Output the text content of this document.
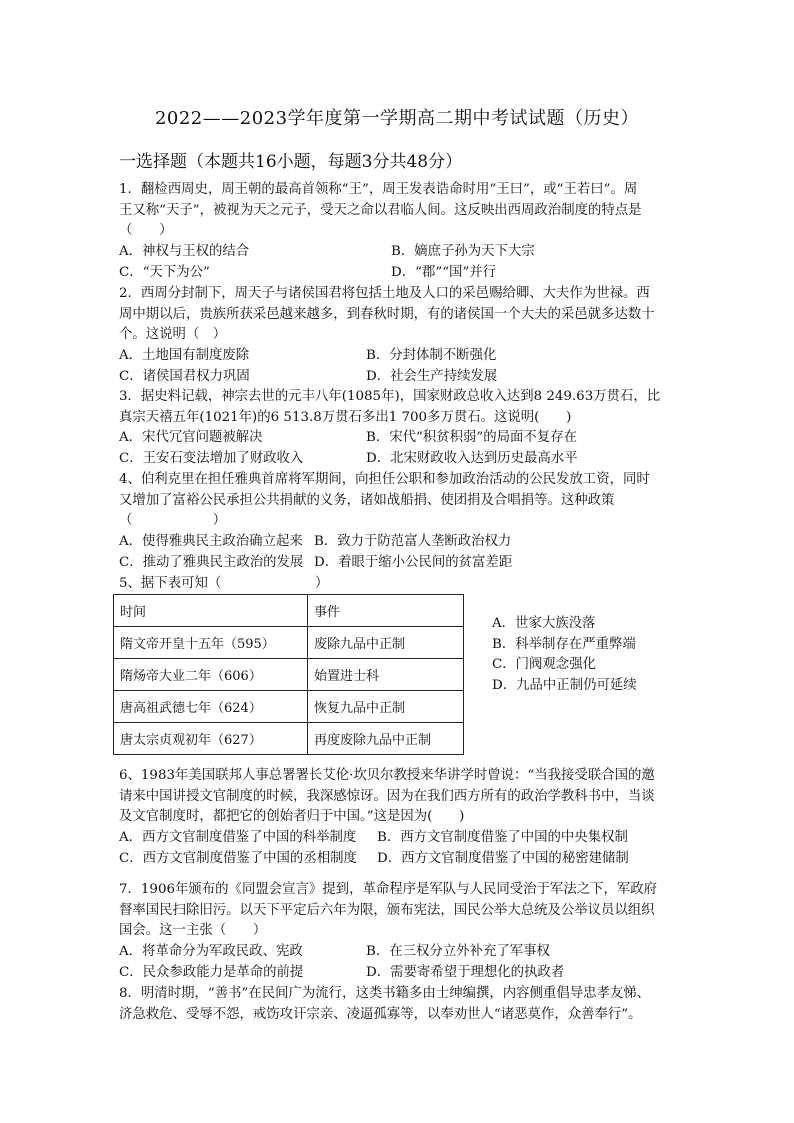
2022——2023学年度第一学期高二期中考试试题（历史）
一选择题（本题共16小题，每题3分共48分）
1．翻检西周史，周王朝的最高首领称“王”，周王发表诰命时用“王曰”，或“王若曰”。周
王又称“天子”，被视为天之元子，受天之命以君临人间。这反映出西周政治制度的特点是
（　　）
A．神权与王权的结合	B．嫡庶子孙为天下大宗
C．“天下为公”	D．“郡”“国”并行
2．西周分封制下，周天子与诸侯国君将包括土地及人口的采邑赐给卿、大夫作为世禄。西
周中期以后，贵族所获采邑越来越多，到春秋时期，有的诸侯国一个大夫的采邑就多达数十
个。这说明（　）
A．土地国有制度废除	B．分封体制不断强化
C．诸侯国君权力巩固	D．社会生产持续发展
3．据史料记载，神宗去世的元丰八年(1085年)，国家财政总收入达到8 249.63万贯石，比
真宗天禧五年(1021年)的6 513.8万贯石多出1 700多万贯石。这说明(　　)
A．宋代冗官问题被解决	B．宋代“积贫积弱”的局面不复存在
C．王安石变法增加了财政收入	D．北宋财政收入达到历史最高水平
4、伯利克里在担任雅典首席将军期间，向担任公职和参加政治活动的公民发放工资，同时
又增加了富裕公民承担公共捐献的义务，诸如战船捐、使团捐及合唱捐等。这种政策
（　　　　　　）
A．使得雅典民主政治确立起来 B．致力于防范富人垄断政治权力
C．推动了雅典民主政治的发展 D．着眼于缩小公民间的贫富差距
5、据下表可知（　　　　　　　）
时间	事件
隋文帝开皇十五年（595）	废除九品中正制
隋炀帝大业二年（606）	始置进士科
唐高祖武德七年（624）	恢复九品中正制
唐太宗贞观初年（627）	再度废除九品中正制
A．世家大族没落
B．科举制存在严重弊端
C．门阀观念强化
D．九品中正制仍可延续
6、1983年美国联邦人事总署署长艾伦·坎贝尔教授来华讲学时曾说：“当我接受联合国的邀
请来中国讲授文官制度的时候，我深感惊讶。因为在我们西方所有的政治学教科书中，当谈
及文官制度时，都把它的创始者归于中国。”这是因为(　　)
A．西方文官制度借鉴了中国的科举制度	B．西方文官制度借鉴了中国的中央集权制
C．西方文官制度借鉴了中国的丞相制度	D．西方文官制度借鉴了中国的秘密建储制
7．1906年颁布的《同盟会宣言》提到，革命程序是军队与人民同受治于军法之下，军政府
督率国民扫除旧污。以天下平定后六年为限，颁布宪法，国民公举大总统及公举议员以组织
国会。这一主张（　　）
A．将革命分为军政民政、宪政	B．在三权分立外补充了军事权
C．民众参政能力是革命的前提	D．需要寄希望于理想化的执政者
8．明清时期，“善书”在民间广为流行，这类书籍多由士绅编撰，内容侧重倡导忠孝友悌、
济急救危、受辱不怨，戒饬攻讦宗亲、凌逼孤寡等，以奉劝世人“诸恶莫作，众善奉行”。
